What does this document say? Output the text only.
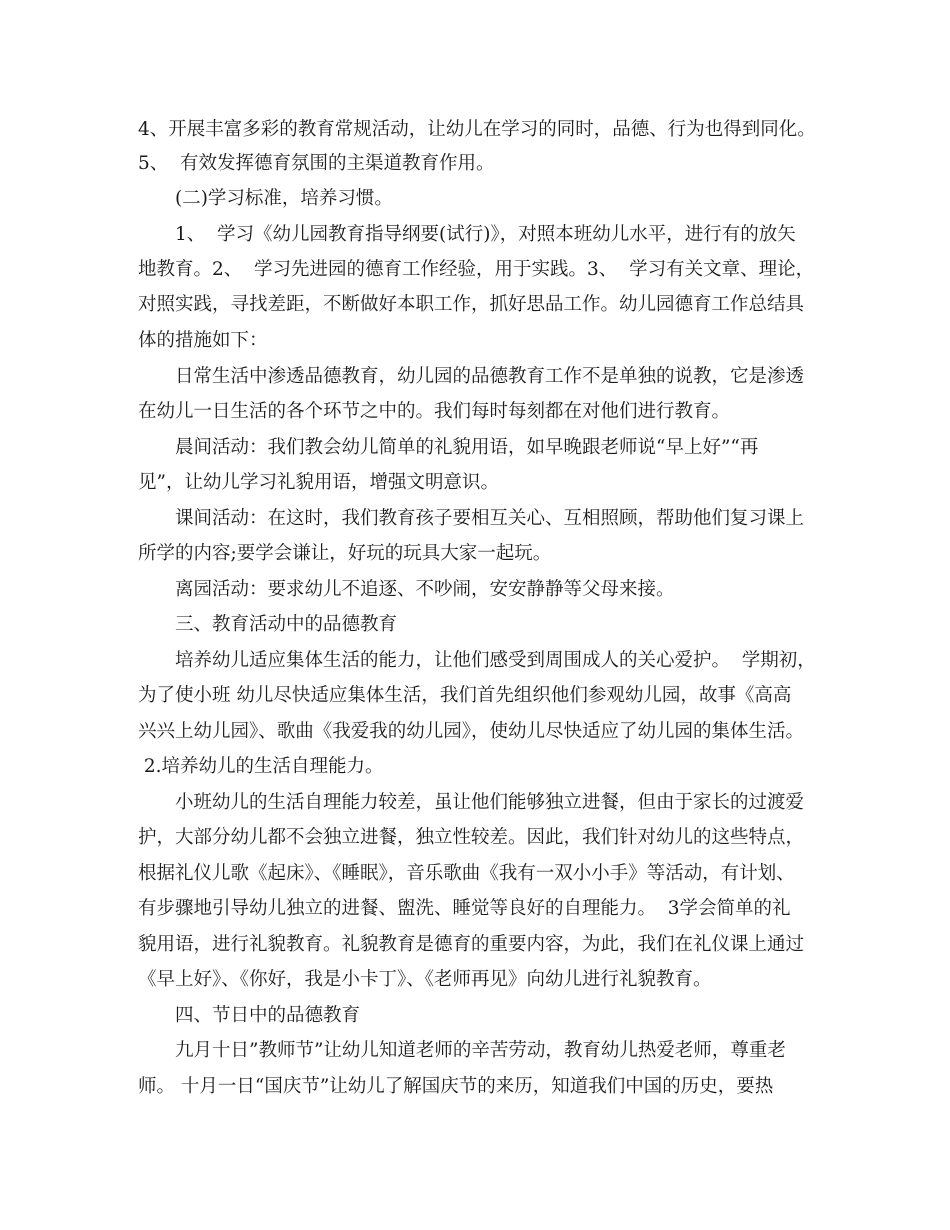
4、开展丰富多彩的教育常规活动，让幼儿在学习的同时，品德、行为也得到同化。
5、  有效发挥德育氛围的主渠道教育作用。
(二)学习标准，培养习惯。
1、  学习《幼儿园教育指导纲要(试行)》，对照本班幼儿水平，进行有的放矢
地教育。2、  学习先进园的德育工作经验，用于实践。3、  学习有关文章、理论，
对照实践，寻找差距，不断做好本职工作，抓好思品工作。幼儿园德育工作总结具
体的措施如下：
日常生活中渗透品德教育，幼儿园的品德教育工作不是单独的说教，它是渗透
在幼儿一日生活的各个环节之中的。我们每时每刻都在对他们进行教育。
晨间活动：我们教会幼儿简单的礼貌用语，如早晚跟老师说“早上好”“再
见”，让幼儿学习礼貌用语，增强文明意识。
课间活动：在这时，我们教育孩子要相互关心、互相照顾，帮助他们复习课上
所学的内容;要学会谦让，好玩的玩具大家一起玩。
离园活动：要求幼儿不追逐、不吵闹，安安静静等父母来接。
三、教育活动中的品德教育
培养幼儿适应集体生活的能力，让他们感受到周围成人的关心爱护。  学期初，
为了使小班 幼儿尽快适应集体生活，我们首先组织他们参观幼儿园，故事《高高
兴兴上幼儿园》、歌曲《我爱我的幼儿园》，使幼儿尽快适应了幼儿园的集体生活。
2.培养幼儿的生活自理能力。
小班幼儿的生活自理能力较差，虽让他们能够独立进餐，但由于家长的过渡爱
护，大部分幼儿都不会独立进餐，独立性较差。因此，我们针对幼儿的这些特点，
根据礼仪儿歌《起床》、《睡眠》，音乐歌曲《我有一双小小手》等活动，有计划、
有步骤地引导幼儿独立的进餐、盥洗、睡觉等良好的自理能力。  3学会简单的礼
貌用语，进行礼貌教育。礼貌教育是德育的重要内容，为此，我们在礼仪课上通过
《早上好》、《你好，我是小卡丁》、《老师再见》向幼儿进行礼貌教育。
四、节日中的品德教育
九月十日”教师节”让幼儿知道老师的辛苦劳动，教育幼儿热爱老师，尊重老
师。 十月一日“国庆节”让幼儿了解国庆节的来历，知道我们中国的历史，要热
